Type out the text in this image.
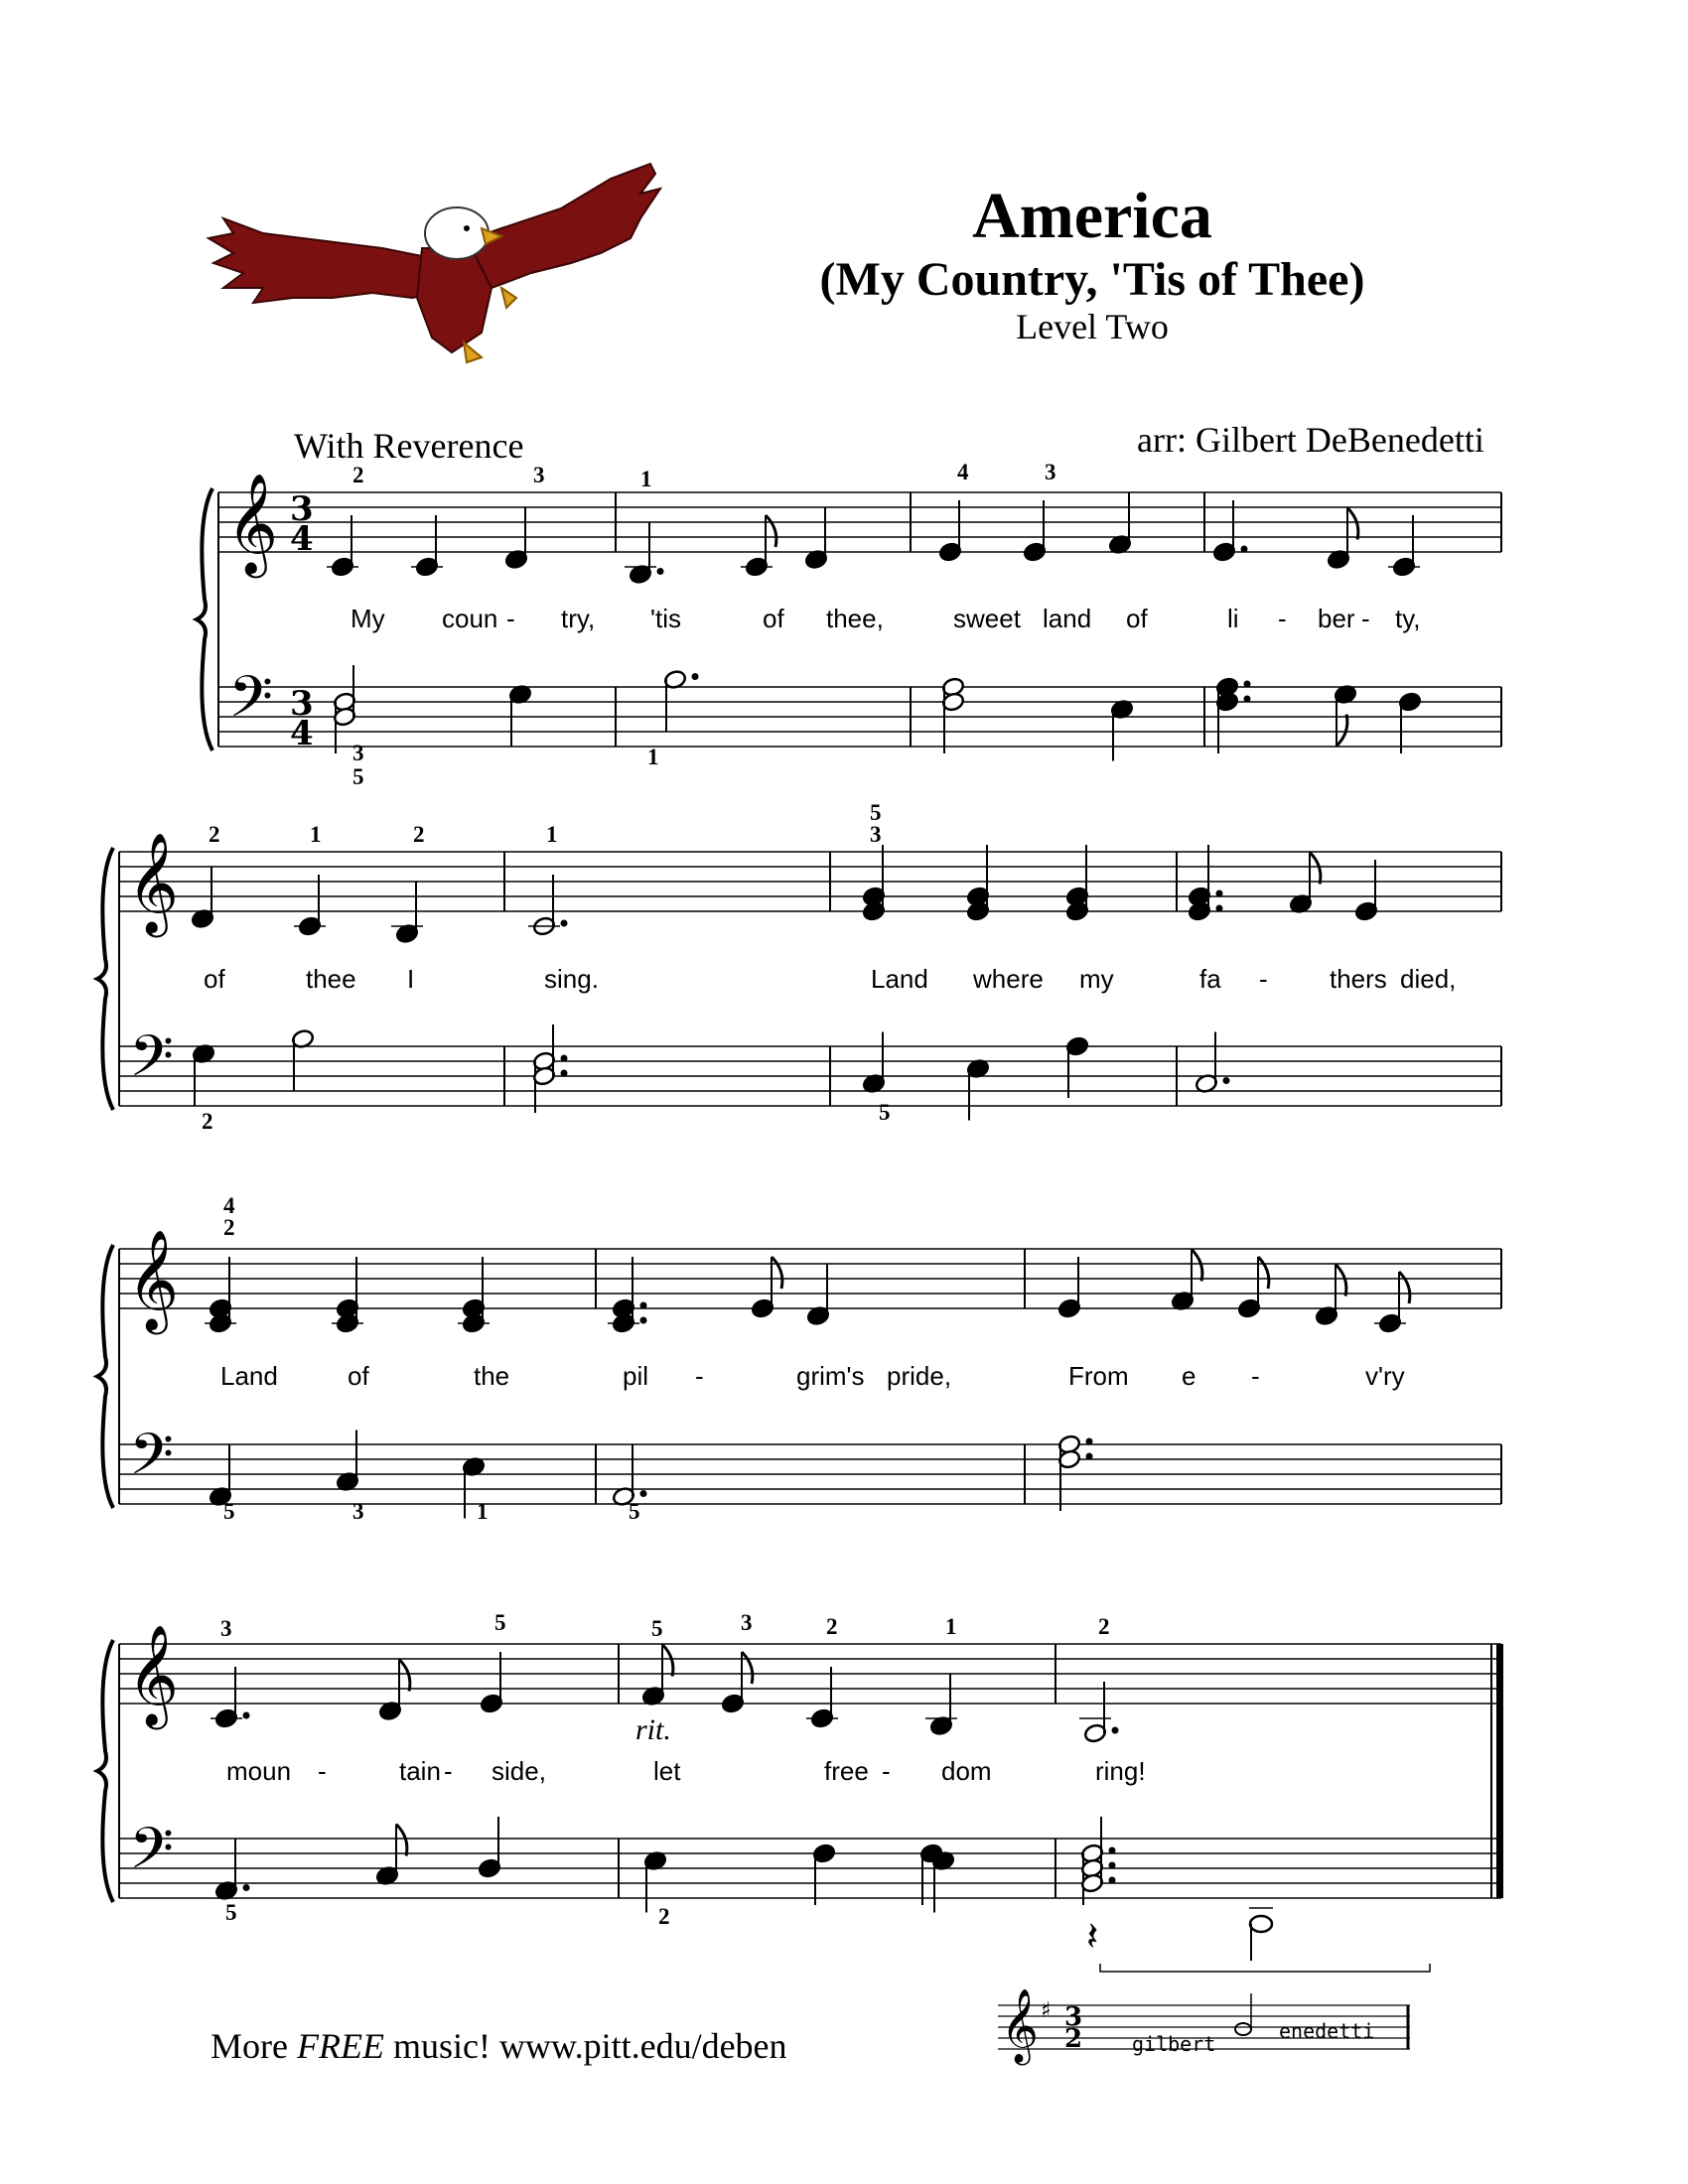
America
(My Country, 'Tis of Thee)
Level Two
With Reverence	arr: Gilbert DeBenedetti
More FREE music! www.pitt.edu/deben
𝄞
𝄢
3
4
3
4
𝄞
𝄢
𝄞
𝄢
𝄞
𝄢
My coun - try, 'tis	of thee,	sweet land of	li - ber - ty,
of	thee I	sing.	Land where my	fa - thers died,
Land	of	the	pil -	grim's pride,	From e -	v'ry
moun -	tain - side,	let	free - dom	ring!
2	3	1	4	3
3
5
1
2	1	2	1
5
3
2	5
4
2
5	3	1	5
3	5	5	3	2	1	2
5	2
rit.
𝄞 ♯ 3
2 gilbert
enedetti
𝄽
